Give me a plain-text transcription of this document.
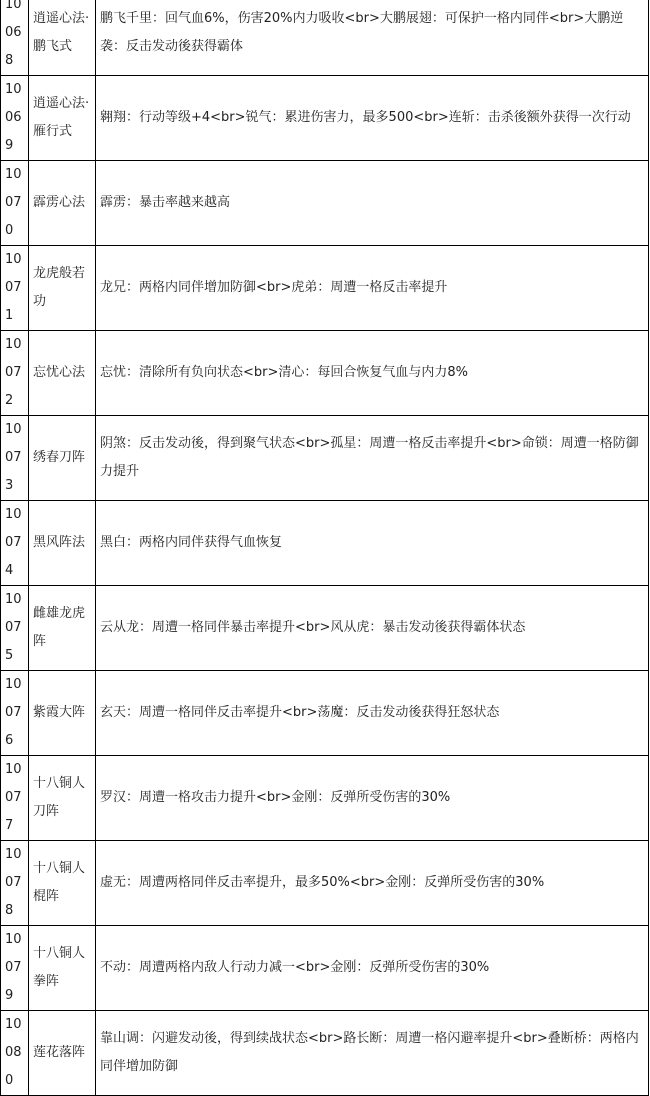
10068	逍遥心法·鹏飞式	鹏飞千里：回气血6%，伤害20%内力吸收<br>大鹏展翅：可保护一格内同伴<br>大鹏逆袭：反击发动後获得霸体
10069	逍遥心法·雁行式	翱翔：行动等级+4<br>锐气：累进伤害力，最多500<br>连斩：击杀後额外获得一次行动
10070	霹雳心法	霹雳：暴击率越来越高
10071	龙虎般若功	龙兄：两格内同伴增加防御<br>虎弟：周遭一格反击率提升
10072	忘忧心法	忘忧：清除所有负向状态<br>清心：每回合恢复气血与内力8%
10073	绣春刀阵	阴煞：反击发动後，得到聚气状态<br>孤星：周遭一格反击率提升<br>命锁：周遭一格防御力提升
10074	黑风阵法	黑白：两格内同伴获得气血恢复
10075	雌雄龙虎阵	云从龙：周遭一格同伴暴击率提升<br>风从虎：暴击发动後获得霸体状态
10076	紫霞大阵	玄天：周遭一格同伴反击率提升<br>荡魔：反击发动後获得狂怒状态
10077	十八铜人刀阵	罗汉：周遭一格攻击力提升<br>金刚：反弹所受伤害的30%
10078	十八铜人棍阵	虚无：周遭两格同伴反击率提升，最多50%<br>金刚：反弹所受伤害的30%
10079	十八铜人拳阵	不动：周遭两格内敌人行动力减一<br>金刚：反弹所受伤害的30%
10080	莲花落阵	靠山调：闪避发动後，得到续战状态<br>路长断：周遭一格闪避率提升<br>叠断桥：两格内同伴增加防御
